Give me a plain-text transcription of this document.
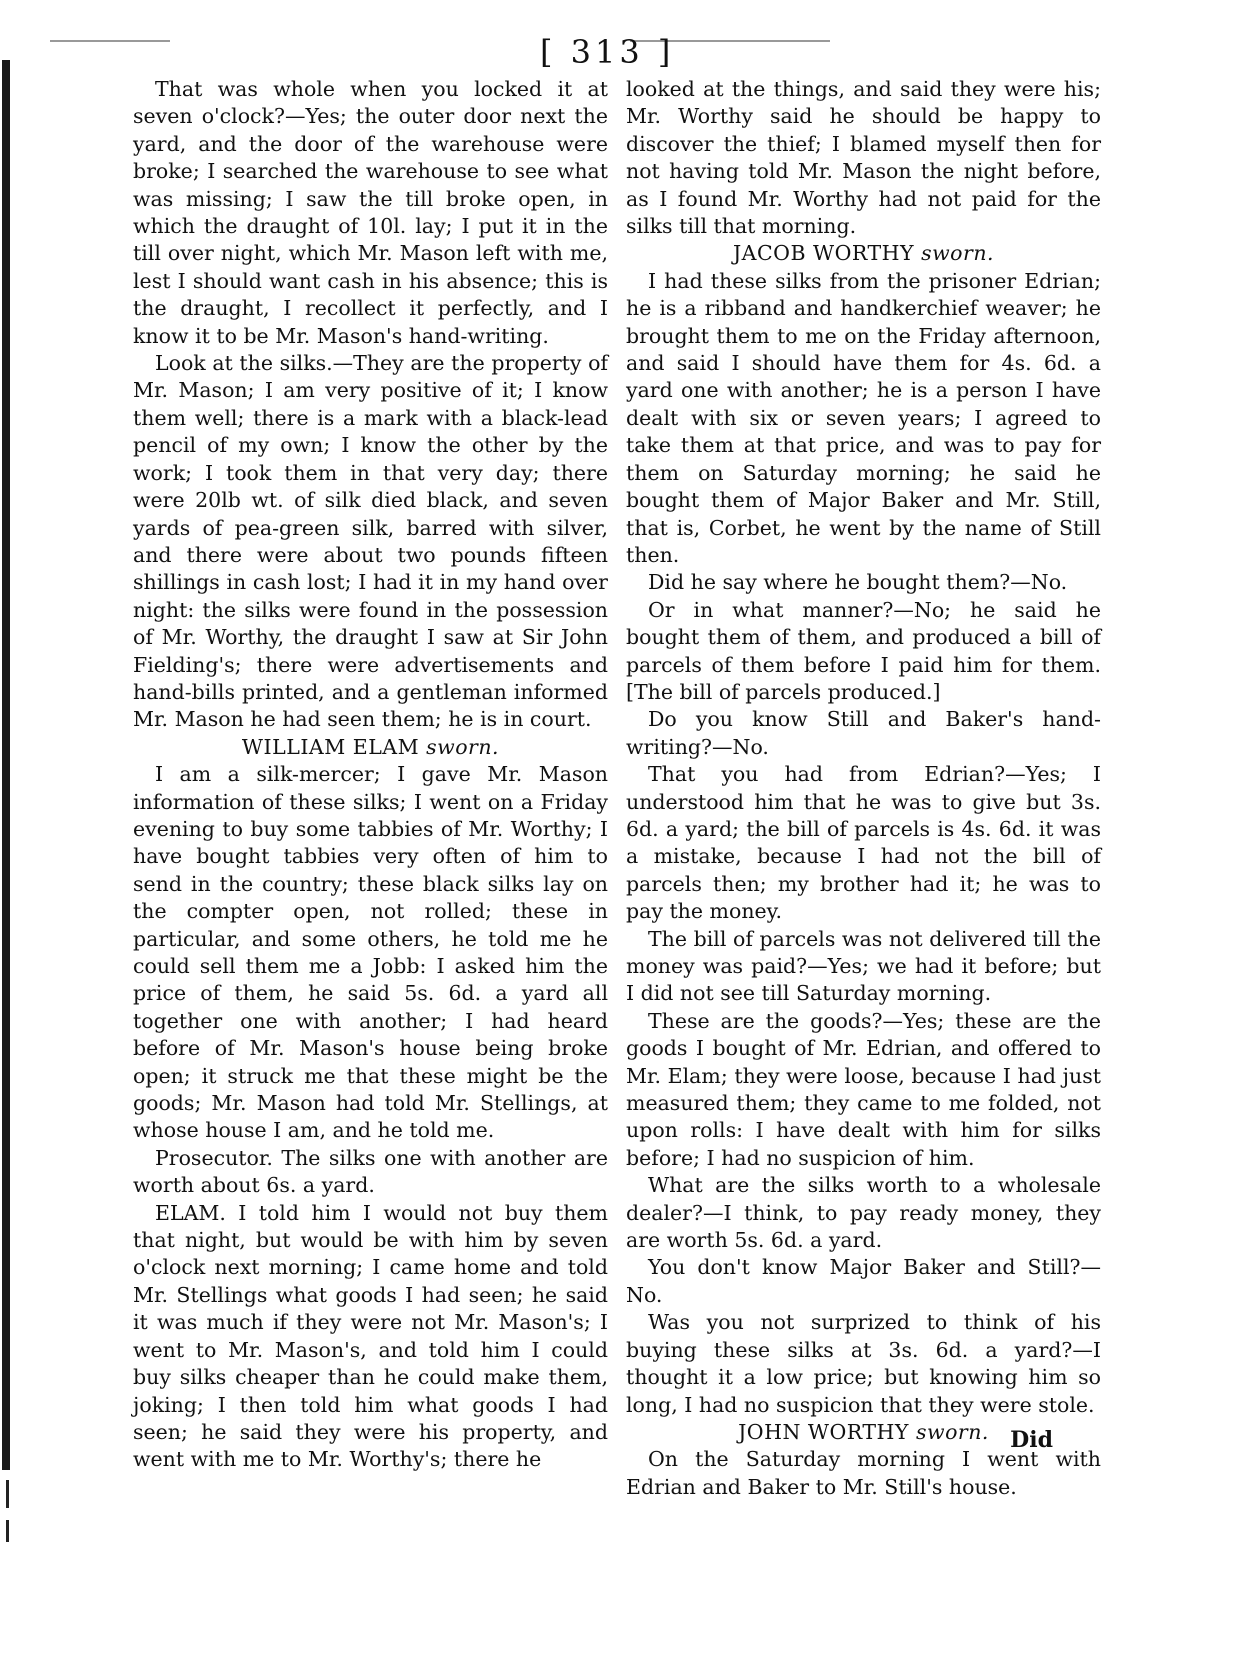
[ 313 ]

That was whole when you locked it at seven o'clock?—Yes; the outer door next the yard, and the door of the warehouse were broke; I searched the warehouse to see what was missing; I saw the till broke open, in which the draught of 10l. lay; I put it in the till over night, which Mr. Mason left with me, lest I should want cash in his absence; this is the draught, I recollect it perfectly, and I know it to be Mr. Mason's hand-writing.

Look at the silks.—They are the property of Mr. Mason; I am very positive of it; I know them well; there is a mark with a black-lead pencil of my own; I know the other by the work; I took them in that very day; there were 20lb wt. of silk died black, and seven yards of pea-green silk, barred with silver, and there were about two pounds fifteen shillings in cash lost; I had it in my hand over night: the silks were found in the possession of Mr. Worthy, the draught I saw at Sir John Fielding's; there were advertisements and hand-bills printed, and a gentleman informed Mr. Mason he had seen them; he is in court.

WILLIAM ELAM sworn.

I am a silk-mercer; I gave Mr. Mason information of these silks; I went on a Friday evening to buy some tabbies of Mr. Worthy; I have bought tabbies very often of him to send in the country; these black silks lay on the compter open, not rolled; these in particular, and some others, he told me he could sell them me a Jobb: I asked him the price of them, he said 5s. 6d. a yard all together one with another; I had heard before of Mr. Mason's house being broke open; it struck me that these might be the goods; Mr. Mason had told Mr. Stellings, at whose house I am, and he told me.

Prosecutor. The silks one with another are worth about 6s. a yard.

ELAM. I told him I would not buy them that night, but would be with him by seven o'clock next morning; I came home and told Mr. Stellings what goods I had seen; he said it was much if they were not Mr. Mason's; I went to Mr. Mason's, and told him I could buy silks cheaper than he could make them, joking; I then told him what goods I had seen; he said they were his property, and went with me to Mr. Worthy's; there he

looked at the things, and said they were his; Mr. Worthy said he should be happy to discover the thief; I blamed myself then for not having told Mr. Mason the night before, as I found Mr. Worthy had not paid for the silks till that morning.

JACOB WORTHY sworn.

I had these silks from the prisoner Edrian; he is a ribband and handkerchief weaver; he brought them to me on the Friday afternoon, and said I should have them for 4s. 6d. a yard one with another; he is a person I have dealt with six or seven years; I agreed to take them at that price, and was to pay for them on Saturday morning; he said he bought them of Major Baker and Mr. Still, that is, Corbet, he went by the name of Still then.

Did he say where he bought them?—No.

Or in what manner?—No; he said he bought them of them, and produced a bill of parcels of them before I paid him for them. [The bill of parcels produced.]

Do you know Still and Baker's hand-writing?—No.

That you had from Edrian?—Yes; I understood him that he was to give but 3s. 6d. a yard; the bill of parcels is 4s. 6d. it was a mistake, because I had not the bill of parcels then; my brother had it; he was to pay the money.

The bill of parcels was not delivered till the money was paid?—Yes; we had it before; but I did not see till Saturday morning.

These are the goods?—Yes; these are the goods I bought of Mr. Edrian, and offered to Mr. Elam; they were loose, because I had just measured them; they came to me folded, not upon rolls: I have dealt with him for silks before; I had no suspicion of him.

What are the silks worth to a wholesale dealer?—I think, to pay ready money, they are worth 5s. 6d. a yard.

You don't know Major Baker and Still?—No.

Was you not surprized to think of his buying these silks at 3s. 6d. a yard?—I thought it a low price; but knowing him so long, I had no suspicion that they were stole.

JOHN WORTHY sworn.

On the Saturday morning I went with Edrian and Baker to Mr. Still's house.

Did
